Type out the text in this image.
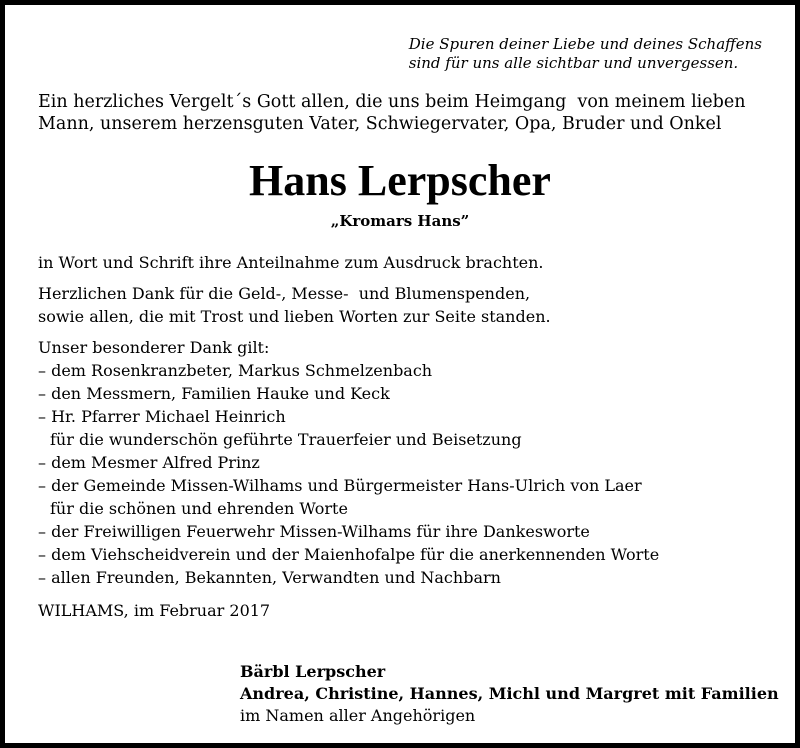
Die Spuren deiner Liebe und deines Schaffens
sind für uns alle sichtbar und unvergessen.
Ein herzliches Vergelt´s Gott allen, die uns beim Heimgang  von meinem lieben
Mann, unserem herzensguten Vater, Schwiegervater, Opa, Bruder und Onkel
Hans Lerpscher
„Kromars Hans”

in Wort und Schrift ihre Anteilnahme zum Ausdruck brachten.

Herzlichen Dank für die Geld-, Messe-  und Blumenspenden,

sowie allen, die mit Trost und lieben Worten zur Seite standen.

Unser besonderer Dank gilt:

– dem Rosenkranzbeter, Markus Schmelzenbach
– den Messmern, Familien Hauke und Keck
– Hr. Pfarrer Michael Heinrich
für die wunderschön geführte Trauerfeier und Beisetzung
– dem Mesmer Alfred Prinz
– der Gemeinde Missen-Wilhams und Bürgermeister Hans-Ulrich von Laer
für die schönen und ehrenden Worte
– der Freiwilligen Feuerwehr Missen-Wilhams für ihre Dankesworte
– dem Viehscheidverein und der Maienhofalpe für die anerkennenden Worte
– allen Freunden, Bekannten, Verwandten und Nachbarn

WILHAMS, im Februar 2017

Bärbl Lerpscher
Andrea, Christine, Hannes, Michl und Margret mit Familien
im Namen aller Angehörigen
